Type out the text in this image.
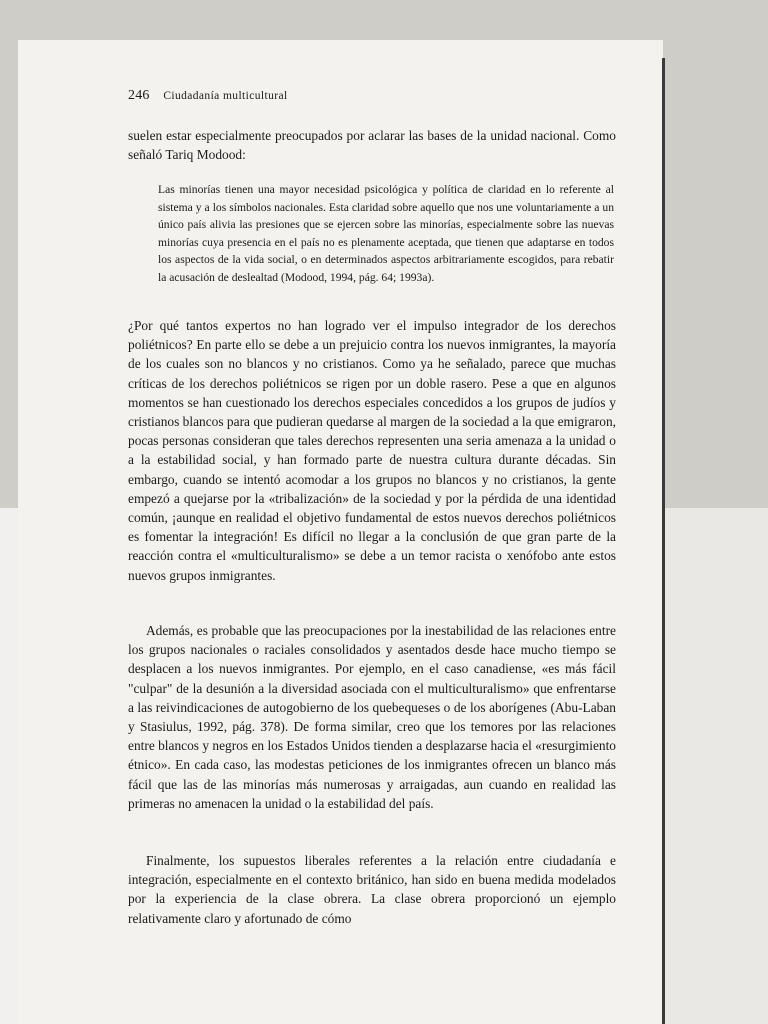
246 Ciudadanía multicultural

suelen estar especialmente preocupados por aclarar las bases de la unidad nacional. Como señaló Tariq Modood:

Las minorías tienen una mayor necesidad psicológica y política de claridad en lo referente al sistema y a los símbolos nacionales. Esta claridad sobre aquello que nos une voluntariamente a un único país alivia las presiones que se ejercen sobre las minorías, especialmente sobre las nuevas minorías cuya presencia en el país no es plenamente aceptada, que tienen que adaptarse en todos los aspectos de la vida social, o en determinados aspectos arbitrariamente escogidos, para rebatir la acusación de deslealtad (Modood, 1994, pág. 64; 1993a).

¿Por qué tantos expertos no han logrado ver el impulso integrador de los derechos poliétnicos? En parte ello se debe a un prejuicio contra los nuevos inmigrantes, la mayoría de los cuales son no blancos y no cristianos. Como ya he señalado, parece que muchas críticas de los derechos poliétnicos se rigen por un doble rasero. Pese a que en algunos momentos se han cuestionado los derechos especiales concedidos a los grupos de judíos y cristianos blancos para que pudieran quedarse al margen de la sociedad a la que emigraron, pocas personas consideran que tales derechos representen una seria amenaza a la unidad o a la estabilidad social, y han formado parte de nuestra cultura durante décadas. Sin embargo, cuando se intentó acomodar a los grupos no blancos y no cristianos, la gente empezó a quejarse por la «tribalización» de la sociedad y por la pérdida de una identidad común, ¡aunque en realidad el objetivo fundamental de estos nuevos derechos poliétnicos es fomentar la integración! Es difícil no llegar a la conclusión de que gran parte de la reacción contra el «multiculturalismo» se debe a un temor racista o xenófobo ante estos nuevos grupos inmigrantes.

Además, es probable que las preocupaciones por la inestabilidad de las relaciones entre los grupos nacionales o raciales consolidados y asentados desde hace mucho tiempo se desplacen a los nuevos inmigrantes. Por ejemplo, en el caso canadiense, «es más fácil "culpar" de la desunión a la diversidad asociada con el multiculturalismo» que enfrentarse a las reivindicaciones de autogobierno de los quebequeses o de los aborígenes (Abu-Laban y Stasiulus, 1992, pág. 378). De forma similar, creo que los temores por las relaciones entre blancos y negros en los Estados Unidos tienden a desplazarse hacia el «resurgimiento étnico». En cada caso, las modestas peticiones de los inmigrantes ofrecen un blanco más fácil que las de las minorías más numerosas y arraigadas, aun cuando en realidad las primeras no amenacen la unidad o la estabilidad del país.

Finalmente, los supuestos liberales referentes a la relación entre ciudadanía e integración, especialmente en el contexto británico, han sido en buena medida modelados por la experiencia de la clase obrera. La clase obrera proporcionó un ejemplo relativamente claro y afortunado de cómo
